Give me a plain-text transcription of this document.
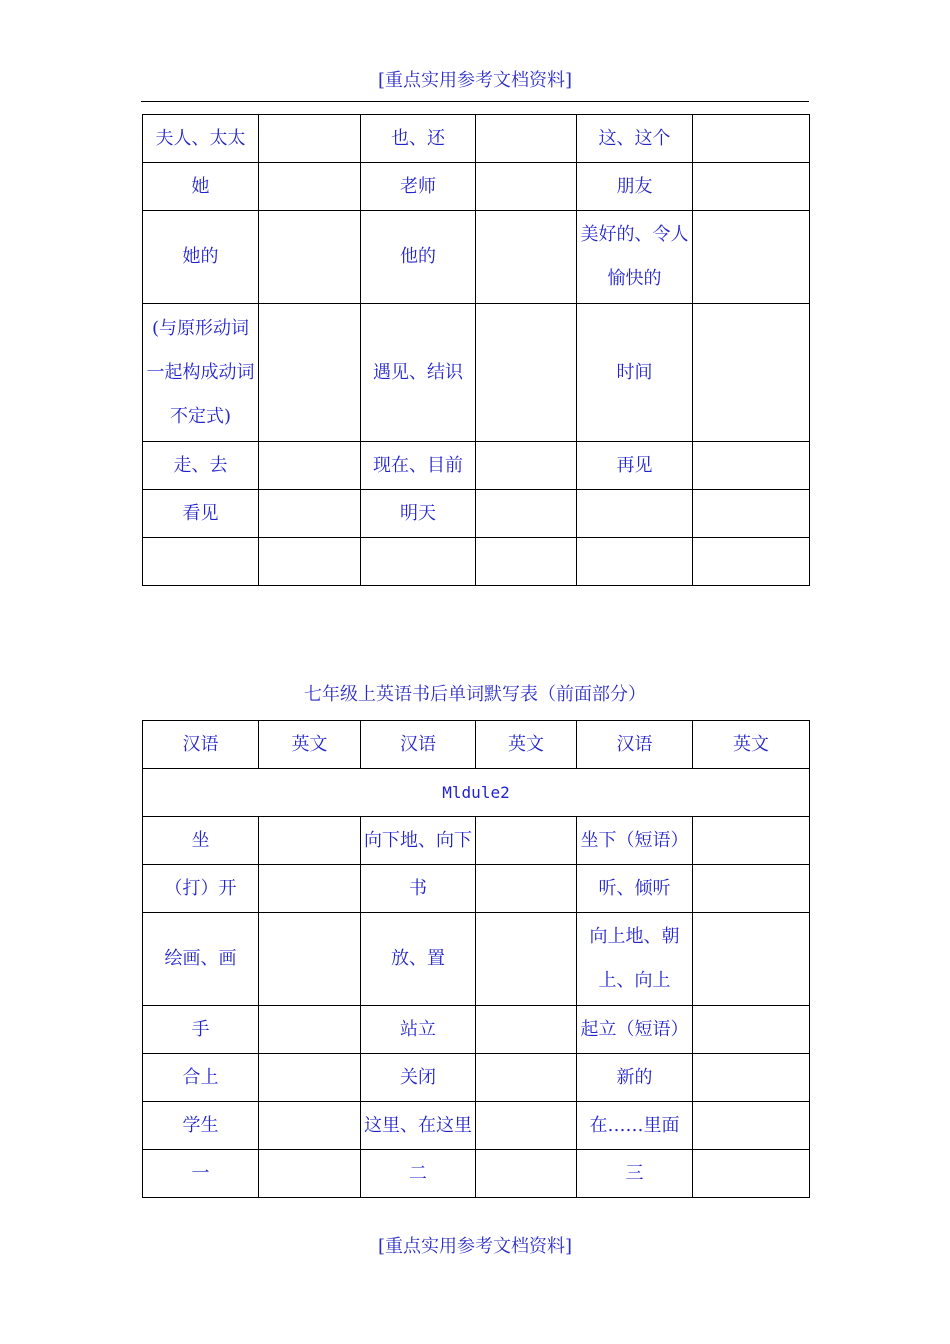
[重点实用参考文档资料]
夫人、太太		也、还		这、这个	
她		老师		朋友	
她的		他的		美好的、令人愉快的	
(与原形动词一起构成动词不定式)		遇见、结识		时间	
走、去		现在、目前		再见	
看见		明天			

七年级上英语书后单词默写表（前面部分）
汉语	英文	汉语	英文	汉语	英文
Mldule2					
坐		向下地、向下		坐下（短语）	
（打）开		书		听、倾听	
绘画、画		放、置		向上地、朝上、向上	
手		站立		起立（短语）	
合上		关闭		新的	
学生		这里、在这里		在……里面	
一		二		三	
[重点实用参考文档资料]
